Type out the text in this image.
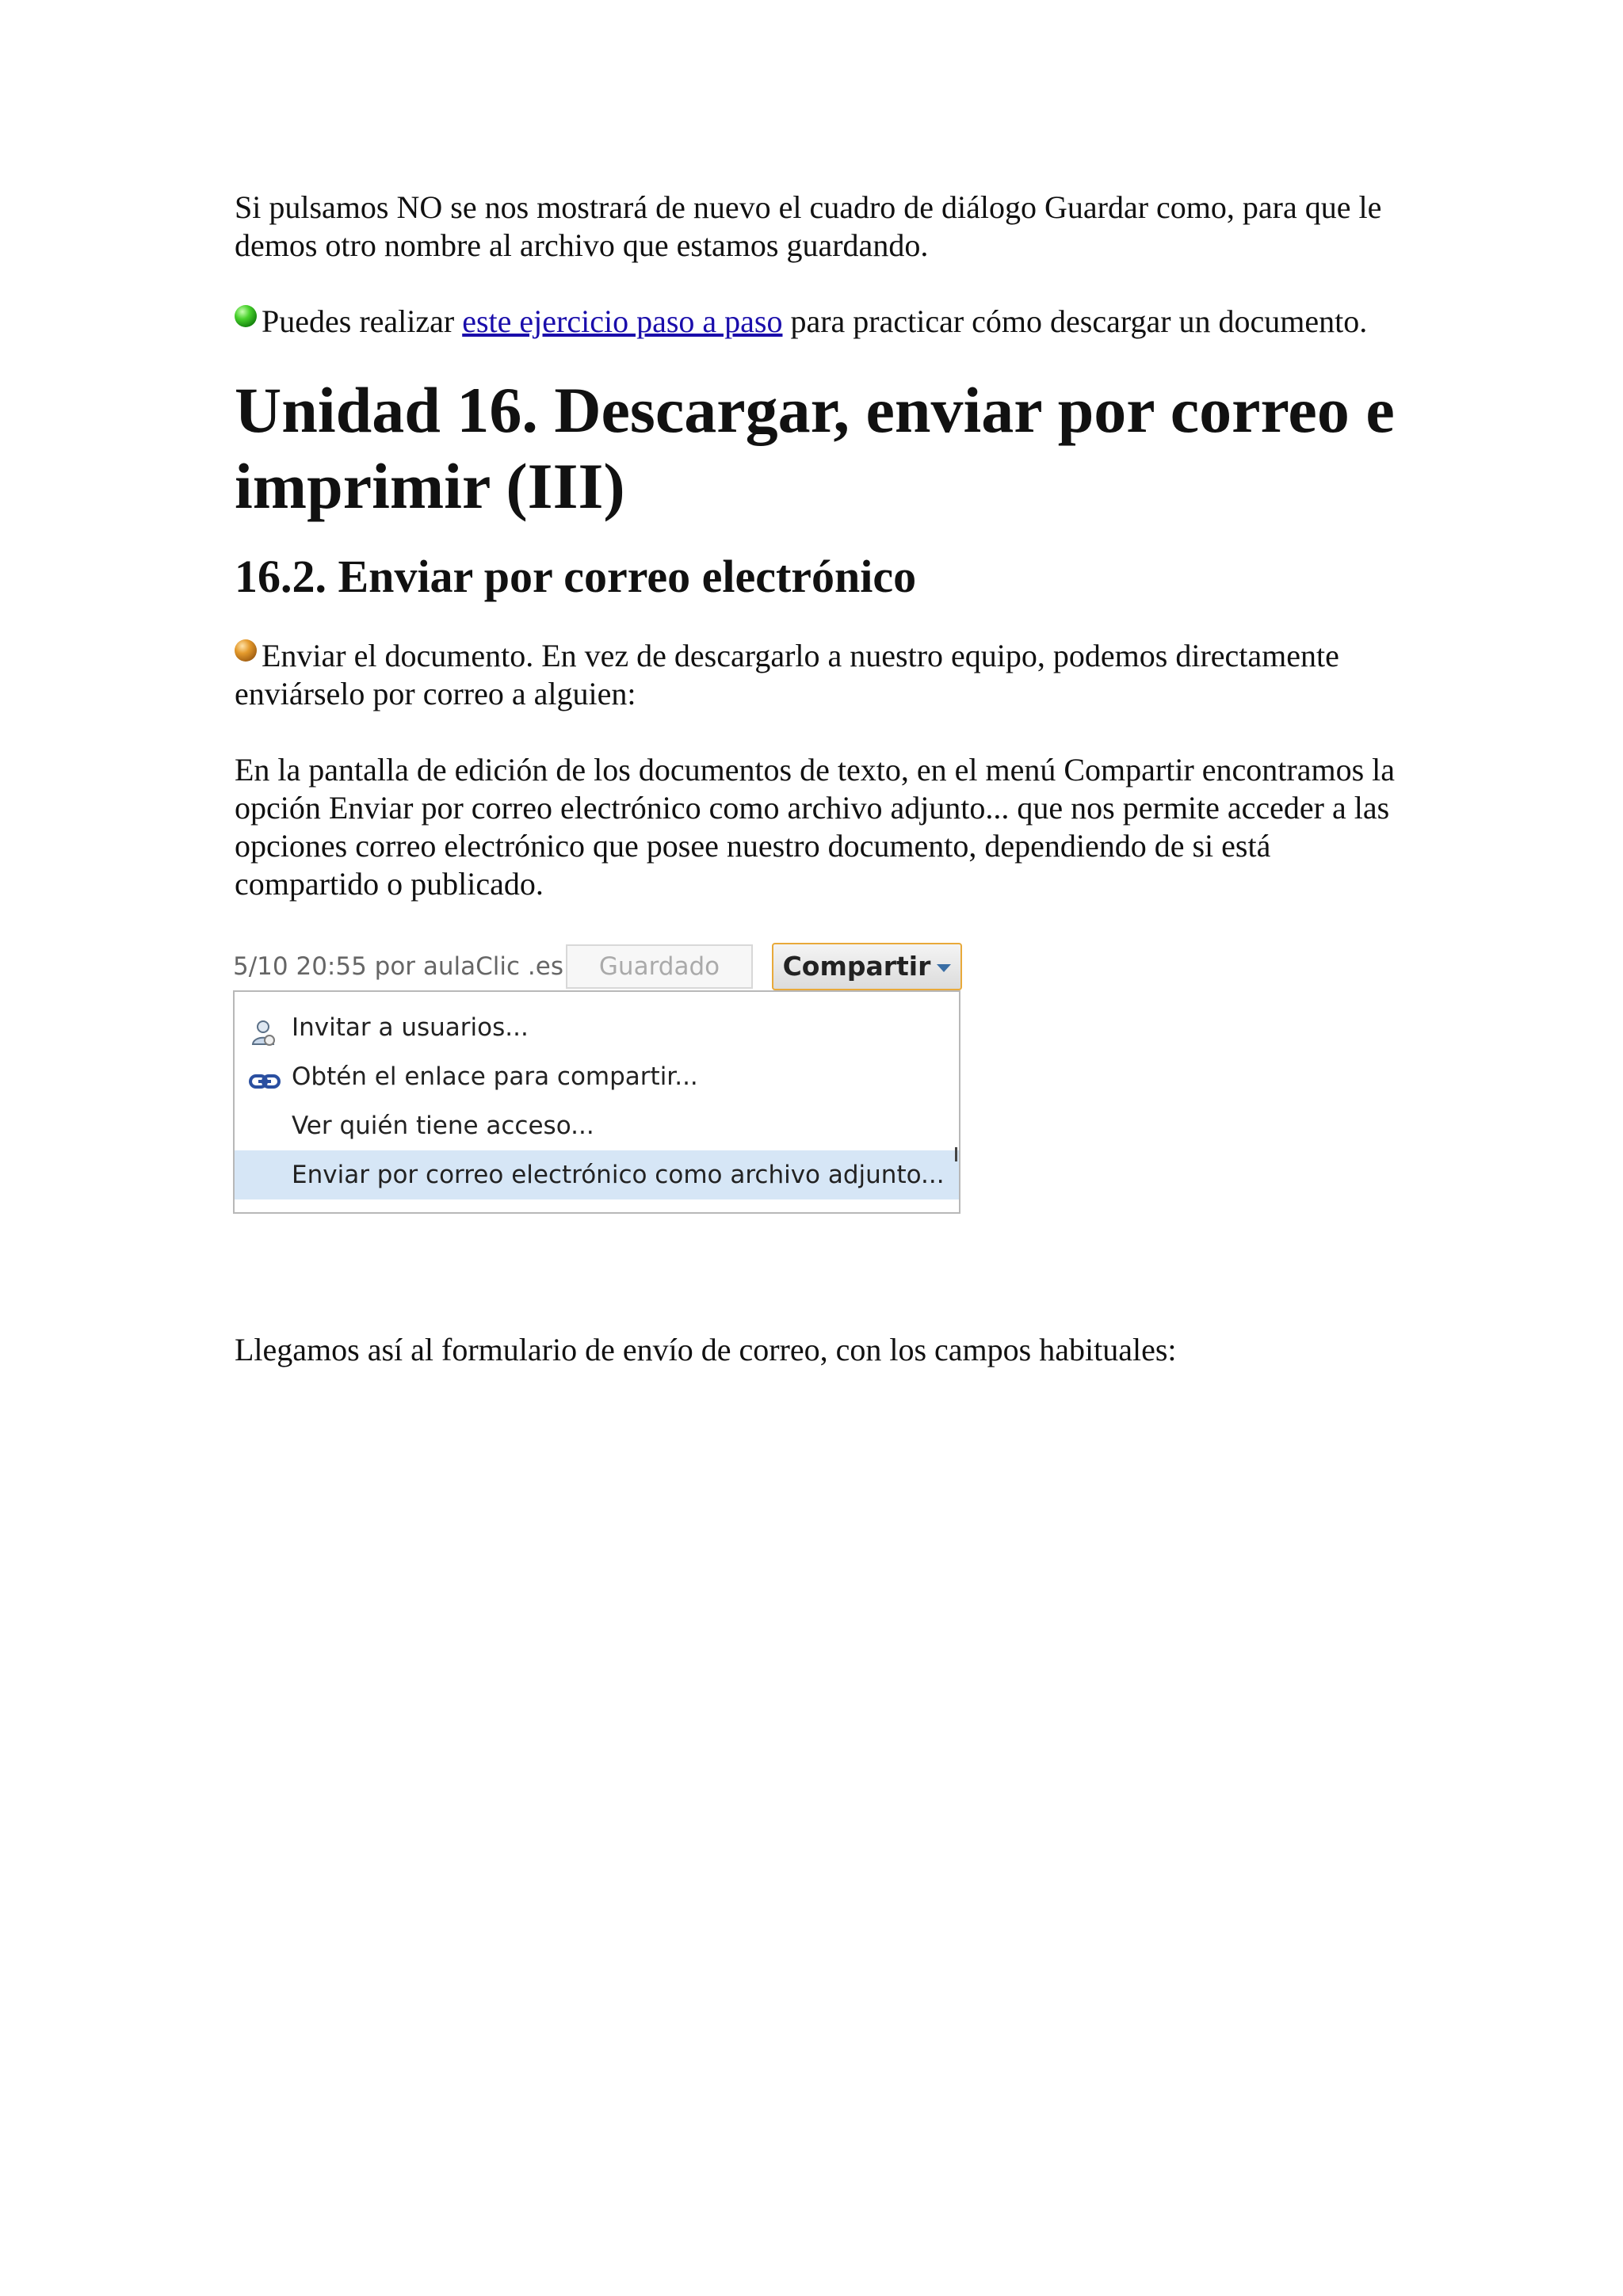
Si pulsamos NO se nos mostrará de nuevo el cuadro de diálogo Guardar como, para que le demos otro nombre al archivo que estamos guardando.

Puedes realizar este ejercicio paso a paso para practicar cómo descargar un documento.

Unidad 16. Descargar, enviar por correo e imprimir (III)
16.2. Enviar por correo electrónico

Enviar el documento. En vez de descargarlo a nuestro equipo, podemos directamente enviárselo por correo a alguien:

En la pantalla de edición de los documentos de texto, en el menú Compartir encontramos la opción Enviar por correo electrónico como archivo adjunto... que nos permite acceder a las opciones correo electrónico que posee nuestro documento, dependiendo de si está compartido o publicado.

5/10 20:55 por aulaClic .es	Guardado	Compartir
Invitar a usuarios...
Obtén el enlace para compartir...
Ver quién tiene acceso...
Enviar por correo electrónico como archivo adjunto...

Llegamos así al formulario de envío de correo, con los campos habituales:
